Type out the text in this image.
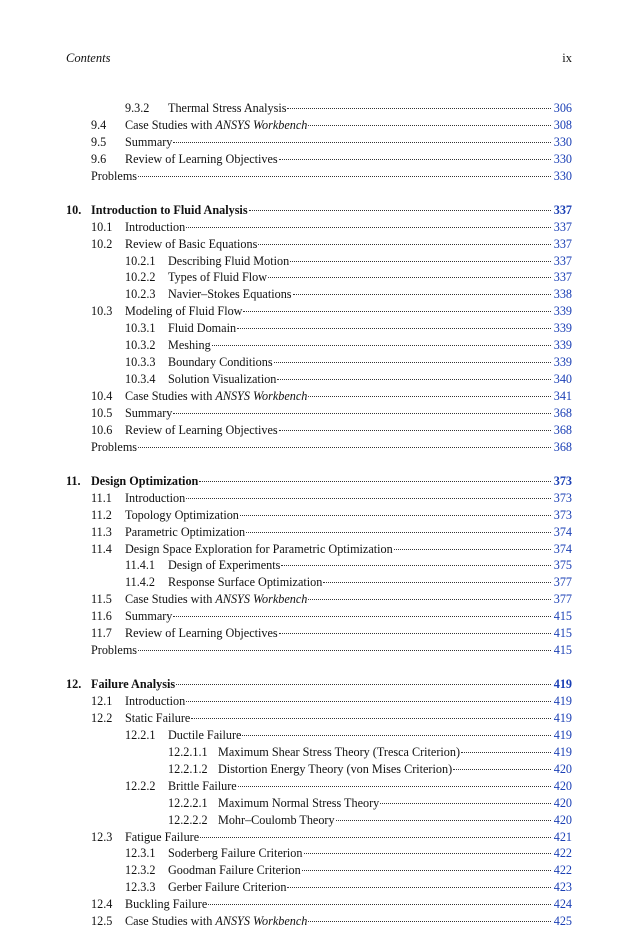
Contents	ix
9.3.2 Thermal Stress Analysis	306
9.4 Case Studies with ANSYS Workbench	308
9.5 Summary	330
9.6 Review of Learning Objectives	330
Problems	330
10. Introduction to Fluid Analysis	337
10.1 Introduction	337
10.2 Review of Basic Equations	337
10.2.1 Describing Fluid Motion	337
10.2.2 Types of Fluid Flow	337
10.2.3 Navier–Stokes Equations	338
10.3 Modeling of Fluid Flow	339
10.3.1 Fluid Domain	339
10.3.2 Meshing	339
10.3.3 Boundary Conditions	339
10.3.4 Solution Visualization	340
10.4 Case Studies with ANSYS Workbench	341
10.5 Summary	368
10.6 Review of Learning Objectives	368
Problems	368
11. Design Optimization	373
11.1 Introduction	373
11.2 Topology Optimization	373
11.3 Parametric Optimization	374
11.4 Design Space Exploration for Parametric Optimization	374
11.4.1 Design of Experiments	375
11.4.2 Response Surface Optimization	377
11.5 Case Studies with ANSYS Workbench	377
11.6 Summary	415
11.7 Review of Learning Objectives	415
Problems	415
12. Failure Analysis	419
12.1 Introduction	419
12.2 Static Failure	419
12.2.1 Ductile Failure	419
12.2.1.1 Maximum Shear Stress Theory (Tresca Criterion)	419
12.2.1.2 Distortion Energy Theory (von Mises Criterion)	420
12.2.2 Brittle Failure	420
12.2.2.1 Maximum Normal Stress Theory	420
12.2.2.2 Mohr–Coulomb Theory	420
12.3 Fatigue Failure	421
12.3.1 Soderberg Failure Criterion	422
12.3.2 Goodman Failure Criterion	422
12.3.3 Gerber Failure Criterion	423
12.4 Buckling Failure	424
12.5 Case Studies with ANSYS Workbench	425
